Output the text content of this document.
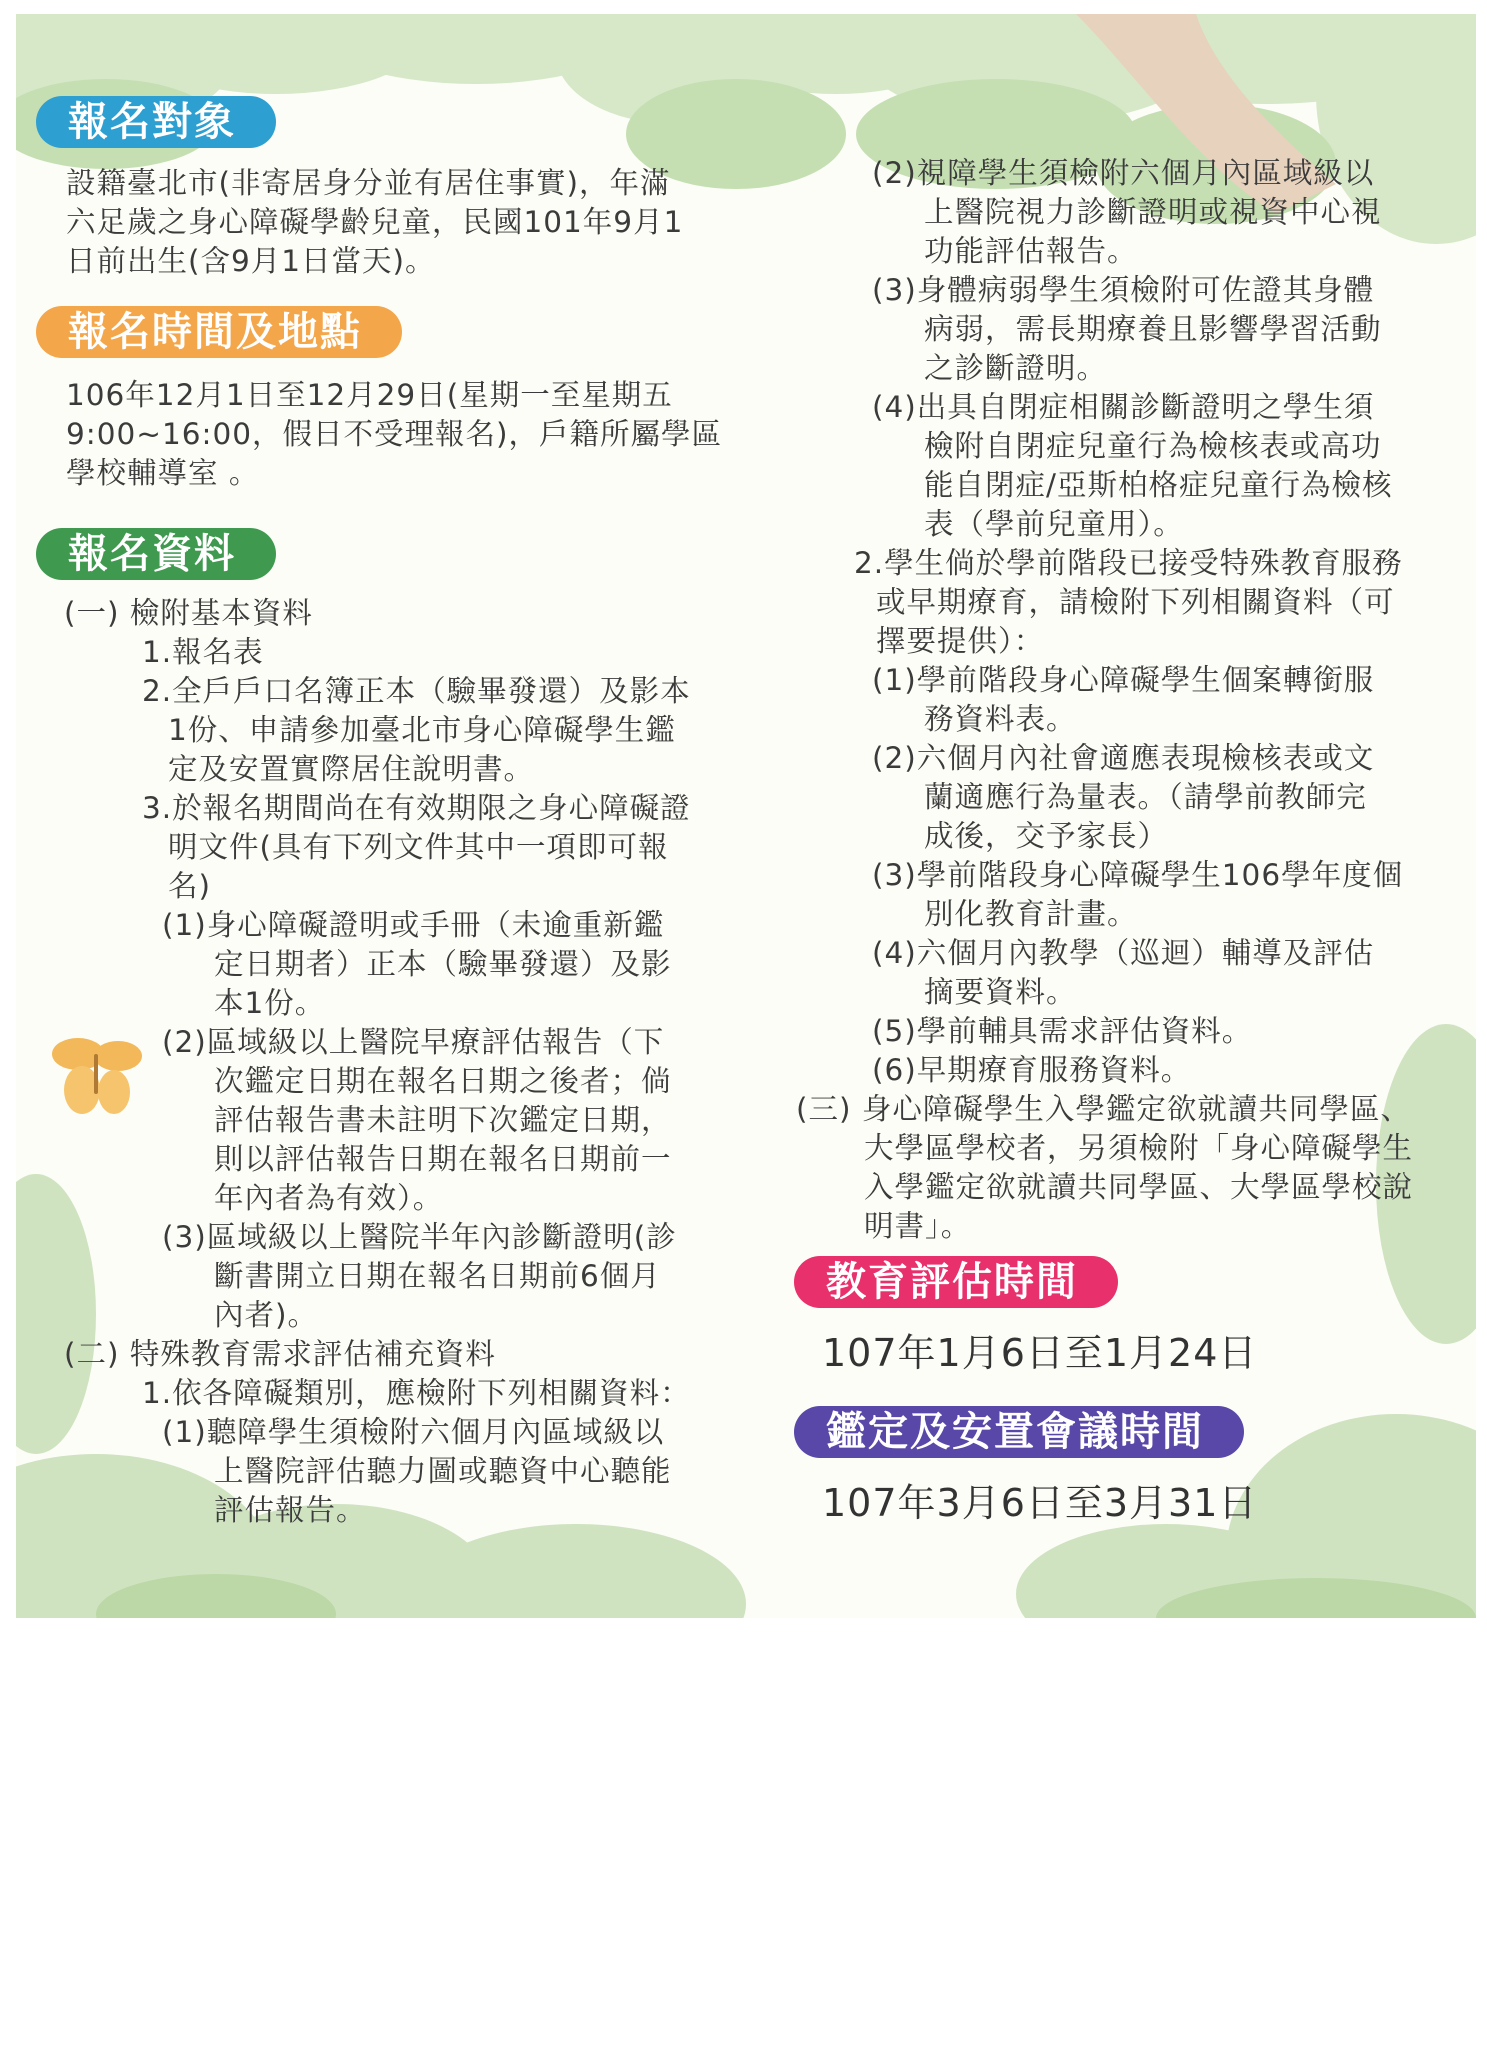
報名對象
設籍臺北市(非寄居身分並有居住事實)，年滿
六足歲之身心障礙學齡兒童，民國101年9月1
日前出生(含9月1日當天)。
報名時間及地點
106年12月1日至12月29日(星期一至星期五
9:00~16:00，假日不受理報名)，戶籍所屬學區
學校輔導室 。
報名資料
(一) 檢附基本資料
1.報名表
2.全戶戶口名簿正本（驗畢發還）及影本
1份、申請參加臺北市身心障礙學生鑑
定及安置實際居住說明書。
3.於報名期間尚在有效期限之身心障礙證
明文件(具有下列文件其中一項即可報
名)
(1)身心障礙證明或手冊（未逾重新鑑
定日期者）正本（驗畢發還）及影
本1份。
(2)區域級以上醫院早療評估報告（下
次鑑定日期在報名日期之後者；倘
評估報告書未註明下次鑑定日期，
則以評估報告日期在報名日期前一
年內者為有效）。
(3)區域級以上醫院半年內診斷證明(診
斷書開立日期在報名日期前6個月
內者)。
(二) 特殊教育需求評估補充資料
1.依各障礙類別，應檢附下列相關資料：
(1)聽障學生須檢附六個月內區域級以
上醫院評估聽力圖或聽資中心聽能
評估報告。
(2)視障學生須檢附六個月內區域級以
上醫院視力診斷證明或視資中心視
功能評估報告。
(3)身體病弱學生須檢附可佐證其身體
病弱，需長期療養且影響學習活動
之診斷證明。
(4)出具自閉症相關診斷證明之學生須
檢附自閉症兒童行為檢核表或高功
能自閉症/亞斯柏格症兒童行為檢核
表（學前兒童用）。
2.學生倘於學前階段已接受特殊教育服務
或早期療育，請檢附下列相關資料（可
擇要提供）：
(1)學前階段身心障礙學生個案轉銜服
務資料表。
(2)六個月內社會適應表現檢核表或文
蘭適應行為量表。（請學前教師完
成後，交予家長）
(3)學前階段身心障礙學生106學年度個
別化教育計畫。
(4)六個月內教學（巡迴）輔導及評估
摘要資料。
(5)學前輔具需求評估資料。
(6)早期療育服務資料。
(三) 身心障礙學生入學鑑定欲就讀共同學區、
大學區學校者，另須檢附「身心障礙學生
入學鑑定欲就讀共同學區、大學區學校說
明書」。
教育評估時間
107年1月6日至1月24日
鑑定及安置會議時間
107年3月6日至3月31日
